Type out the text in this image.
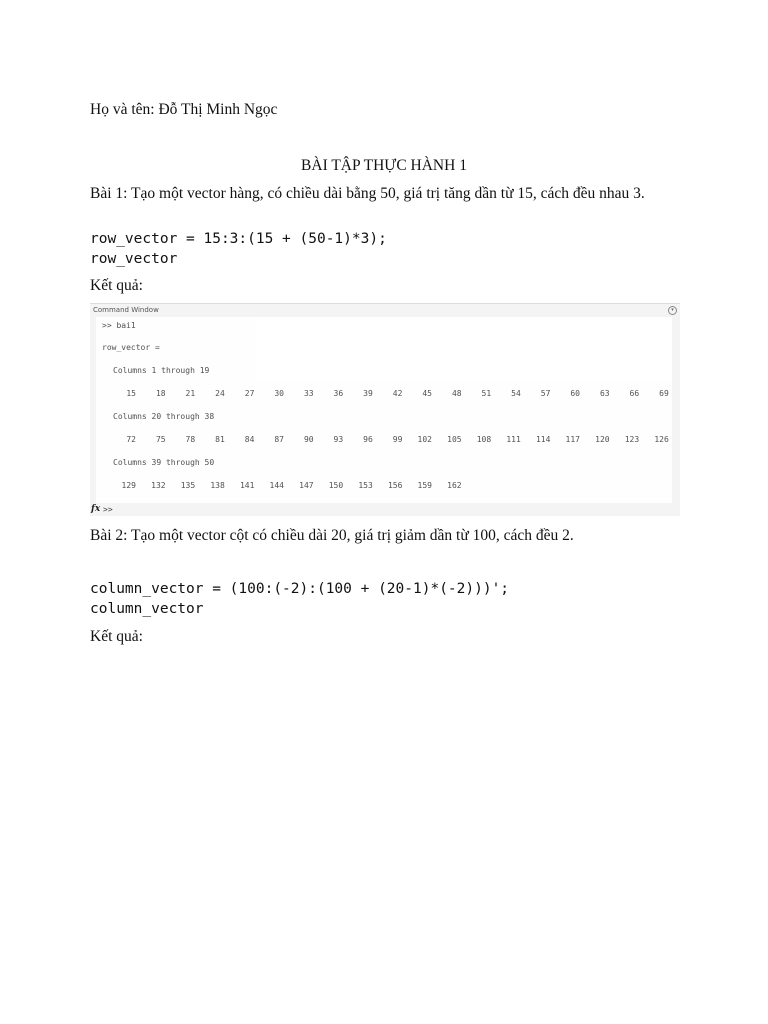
Họ và tên: Đỗ Thị Minh Ngọc
BÀI TẬP THỰC HÀNH 1
Bài 1: Tạo một vector hàng, có chiều dài bằng 50, giá trị tăng dần từ 15, cách đều nhau 3.
row_vector = 15:3:(15 + (50-1)*3);
row_vector
Kết quả:
Command Window	▾
>> bai1
row_vector =
Columns 1 through 19
15	18	21	24	27	30	33	36	39	42	45	48	51	54	57	60	63	66	69
Columns 20 through 38
72	75	78	81	84	87	90	93	96	99	102	105	108	111	114	117	120	123	126
Columns 39 through 50
129	132	135	138	141	144	147	150	153	156	159	162
fx >>
Bài 2: Tạo một vector cột có chiều dài 20, giá trị giảm dần từ 100, cách đều 2.
column_vector = (100:(-2):(100 + (20-1)*(-2)))';
column_vector
Kết quả:
